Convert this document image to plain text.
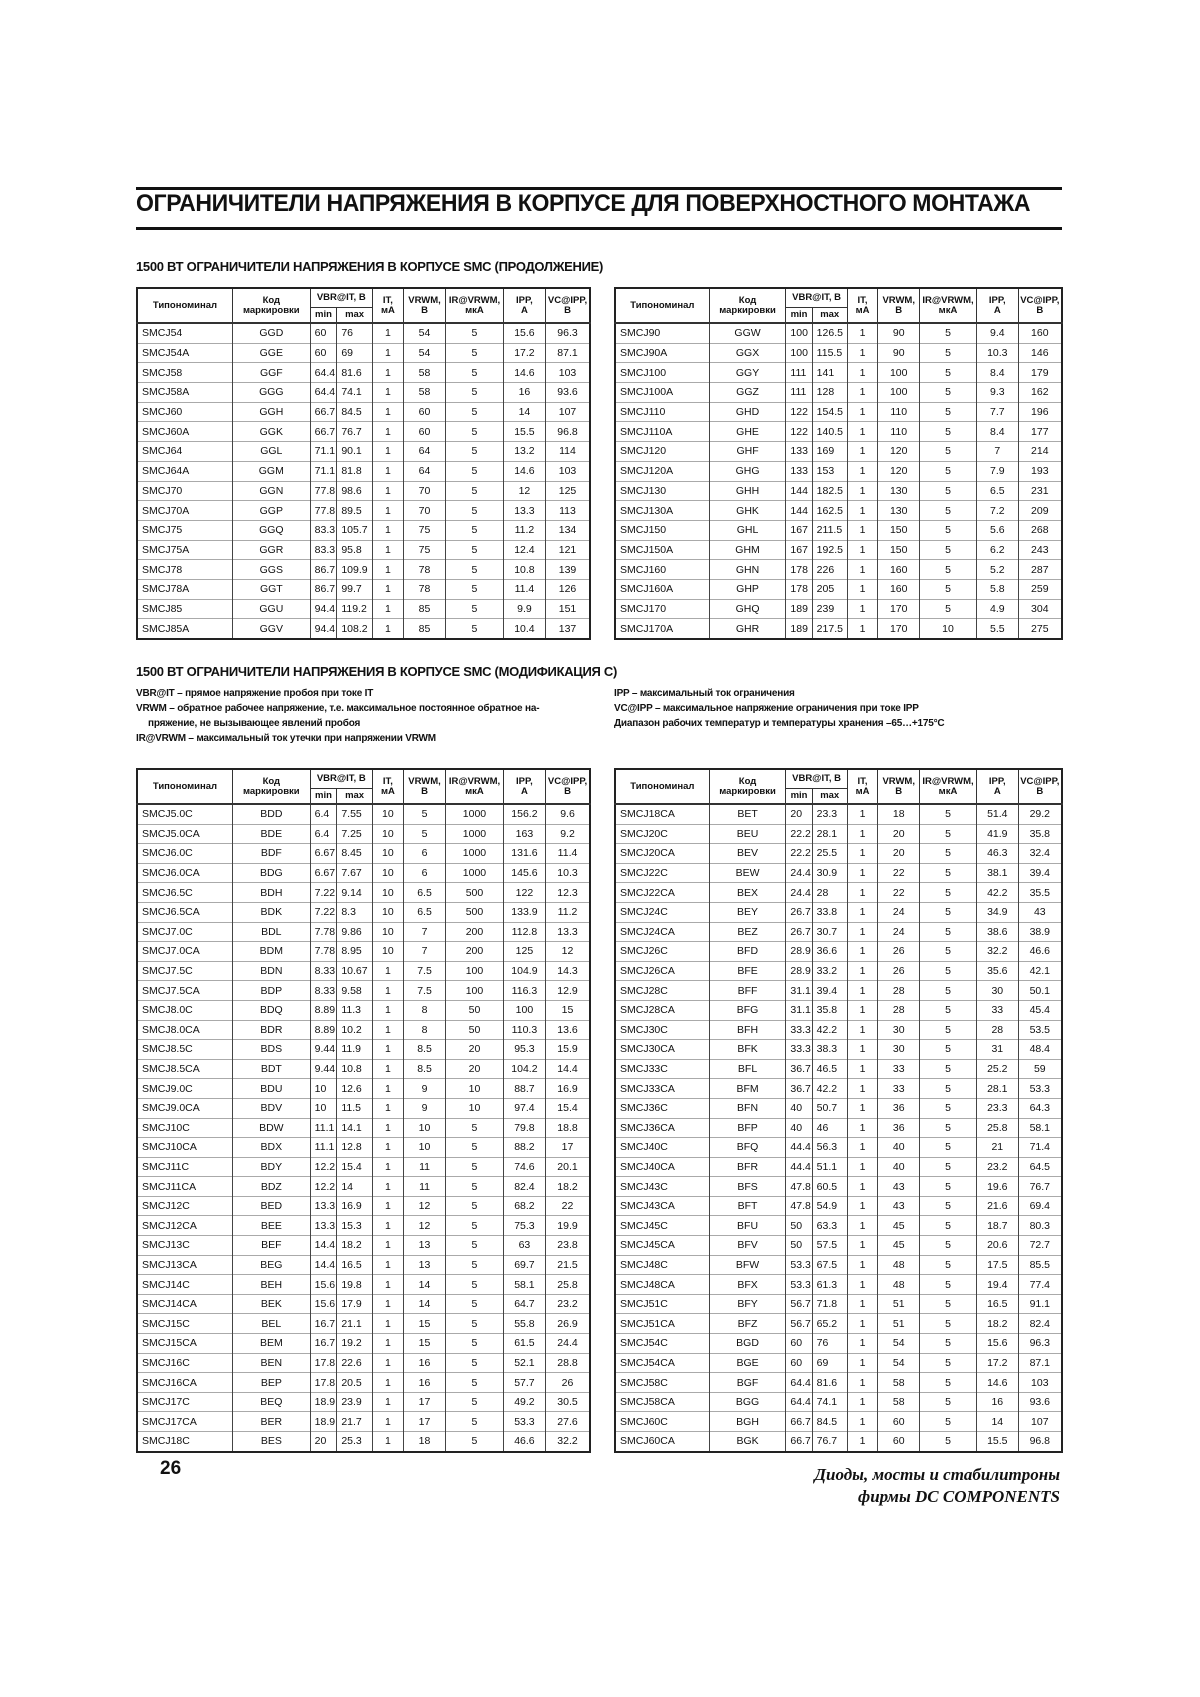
ОГРАНИЧИТЕЛИ НАПРЯЖЕНИЯ В КОРПУСЕ ДЛЯ ПОВЕРХНОСТНОГО МОНТАЖА
1500 ВТ ОГРАНИЧИТЕЛИ НАПРЯЖЕНИЯ В КОРПУСЕ SMC (ПРОДОЛЖЕНИЕ)
Типономинал	Код
маркировки	VBR@IT, В		IT,
мА	VRWM,
В	IR@VRWM,
мкА	IPP,
А	VC@IPP,
В
		min	max					
SMCJ54	GGD	60	76	1	54	5	15.6	96.3
SMCJ54A	GGE	60	69	1	54	5	17.2	87.1
SMCJ58	GGF	64.4	81.6	1	58	5	14.6	103
SMCJ58A	GGG	64.4	74.1	1	58	5	16	93.6
SMCJ60	GGH	66.7	84.5	1	60	5	14	107
SMCJ60A	GGK	66.7	76.7	1	60	5	15.5	96.8
SMCJ64	GGL	71.1	90.1	1	64	5	13.2	114
SMCJ64A	GGM	71.1	81.8	1	64	5	14.6	103
SMCJ70	GGN	77.8	98.6	1	70	5	12	125
SMCJ70A	GGP	77.8	89.5	1	70	5	13.3	113
SMCJ75	GGQ	83.3	105.7	1	75	5	11.2	134
SMCJ75A	GGR	83.3	95.8	1	75	5	12.4	121
SMCJ78	GGS	86.7	109.9	1	78	5	10.8	139
SMCJ78A	GGT	86.7	99.7	1	78	5	11.4	126
SMCJ85	GGU	94.4	119.2	1	85	5	9.9	151
SMCJ85A	GGV	94.4	108.2	1	85	5	10.4	137
Типономинал	Код
маркировки	VBR@IT, В		IT,
мА	VRWM,
В	IR@VRWM,
мкА	IPP,
А	VC@IPP,
В
		min	max					
SMCJ90	GGW	100	126.5	1	90	5	9.4	160
SMCJ90A	GGX	100	115.5	1	90	5	10.3	146
SMCJ100	GGY	111	141	1	100	5	8.4	179
SMCJ100A	GGZ	111	128	1	100	5	9.3	162
SMCJ110	GHD	122	154.5	1	110	5	7.7	196
SMCJ110A	GHE	122	140.5	1	110	5	8.4	177
SMCJ120	GHF	133	169	1	120	5	7	214
SMCJ120A	GHG	133	153	1	120	5	7.9	193
SMCJ130	GHH	144	182.5	1	130	5	6.5	231
SMCJ130A	GHK	144	162.5	1	130	5	7.2	209
SMCJ150	GHL	167	211.5	1	150	5	5.6	268
SMCJ150A	GHM	167	192.5	1	150	5	6.2	243
SMCJ160	GHN	178	226	1	160	5	5.2	287
SMCJ160A	GHP	178	205	1	160	5	5.8	259
SMCJ170	GHQ	189	239	1	170	5	4.9	304
SMCJ170A	GHR	189	217.5	1	170	10	5.5	275
1500 ВТ ОГРАНИЧИТЕЛИ НАПРЯЖЕНИЯ В КОРПУСЕ SMC (МОДИФИКАЦИЯ С)
VBR@IT – прямое напряжение пробоя при токе IT
VRWM – обратное рабочее напряжение, т.е. максимальное постоянное обратное на-
пряжение, не вызывающее явлений пробоя
IR@VRWM – максимальный ток утечки при напряжении VRWM
IPP – максимальный ток ограничения
VC@IPP – максимальное напряжение ограничения при токе IPP
Диапазон рабочих температур и температуры хранения –65…+175°С
Типономинал	Код
маркировки	VBR@IT, В		IT,
мА	VRWM,
В	IR@VRWM,
мкА	IPP,
А	VC@IPP,
В
		min	max					
SMCJ5.0C	BDD	6.4	7.55	10	5	1000	156.2	9.6
SMCJ5.0CA	BDE	6.4	7.25	10	5	1000	163	9.2
SMCJ6.0C	BDF	6.67	8.45	10	6	1000	131.6	11.4
SMCJ6.0CA	BDG	6.67	7.67	10	6	1000	145.6	10.3
SMCJ6.5C	BDH	7.22	9.14	10	6.5	500	122	12.3
SMCJ6.5CA	BDK	7.22	8.3	10	6.5	500	133.9	11.2
SMCJ7.0C	BDL	7.78	9.86	10	7	200	112.8	13.3
SMCJ7.0CA	BDM	7.78	8.95	10	7	200	125	12
SMCJ7.5C	BDN	8.33	10.67	1	7.5	100	104.9	14.3
SMCJ7.5CA	BDP	8.33	9.58	1	7.5	100	116.3	12.9
SMCJ8.0C	BDQ	8.89	11.3	1	8	50	100	15
SMCJ8.0CA	BDR	8.89	10.2	1	8	50	110.3	13.6
SMCJ8.5C	BDS	9.44	11.9	1	8.5	20	95.3	15.9
SMCJ8.5CA	BDT	9.44	10.8	1	8.5	20	104.2	14.4
SMCJ9.0C	BDU	10	12.6	1	9	10	88.7	16.9
SMCJ9.0CA	BDV	10	11.5	1	9	10	97.4	15.4
SMCJ10C	BDW	11.1	14.1	1	10	5	79.8	18.8
SMCJ10CA	BDX	11.1	12.8	1	10	5	88.2	17
SMCJ11C	BDY	12.2	15.4	1	11	5	74.6	20.1
SMCJ11CA	BDZ	12.2	14	1	11	5	82.4	18.2
SMCJ12C	BED	13.3	16.9	1	12	5	68.2	22
SMCJ12CA	BEE	13.3	15.3	1	12	5	75.3	19.9
SMCJ13C	BEF	14.4	18.2	1	13	5	63	23.8
SMCJ13CA	BEG	14.4	16.5	1	13	5	69.7	21.5
SMCJ14C	BEH	15.6	19.8	1	14	5	58.1	25.8
SMCJ14CA	BEK	15.6	17.9	1	14	5	64.7	23.2
SMCJ15C	BEL	16.7	21.1	1	15	5	55.8	26.9
SMCJ15CA	BEM	16.7	19.2	1	15	5	61.5	24.4
SMCJ16C	BEN	17.8	22.6	1	16	5	52.1	28.8
SMCJ16CA	BEP	17.8	20.5	1	16	5	57.7	26
SMCJ17C	BEQ	18.9	23.9	1	17	5	49.2	30.5
SMCJ17CA	BER	18.9	21.7	1	17	5	53.3	27.6
SMCJ18C	BES	20	25.3	1	18	5	46.6	32.2
Типономинал	Код
маркировки	VBR@IT, В		IT,
мА	VRWM,
В	IR@VRWM,
мкА	IPP,
А	VC@IPP,
В
		min	max					
SMCJ18CA	BET	20	23.3	1	18	5	51.4	29.2
SMCJ20C	BEU	22.2	28.1	1	20	5	41.9	35.8
SMCJ20CA	BEV	22.2	25.5	1	20	5	46.3	32.4
SMCJ22C	BEW	24.4	30.9	1	22	5	38.1	39.4
SMCJ22CA	BEX	24.4	28	1	22	5	42.2	35.5
SMCJ24C	BEY	26.7	33.8	1	24	5	34.9	43
SMCJ24CA	BEZ	26.7	30.7	1	24	5	38.6	38.9
SMCJ26C	BFD	28.9	36.6	1	26	5	32.2	46.6
SMCJ26CA	BFE	28.9	33.2	1	26	5	35.6	42.1
SMCJ28C	BFF	31.1	39.4	1	28	5	30	50.1
SMCJ28CA	BFG	31.1	35.8	1	28	5	33	45.4
SMCJ30C	BFH	33.3	42.2	1	30	5	28	53.5
SMCJ30CA	BFK	33.3	38.3	1	30	5	31	48.4
SMCJ33C	BFL	36.7	46.5	1	33	5	25.2	59
SMCJ33CA	BFM	36.7	42.2	1	33	5	28.1	53.3
SMCJ36C	BFN	40	50.7	1	36	5	23.3	64.3
SMCJ36CA	BFP	40	46	1	36	5	25.8	58.1
SMCJ40C	BFQ	44.4	56.3	1	40	5	21	71.4
SMCJ40CA	BFR	44.4	51.1	1	40	5	23.2	64.5
SMCJ43C	BFS	47.8	60.5	1	43	5	19.6	76.7
SMCJ43CA	BFT	47.8	54.9	1	43	5	21.6	69.4
SMCJ45C	BFU	50	63.3	1	45	5	18.7	80.3
SMCJ45CA	BFV	50	57.5	1	45	5	20.6	72.7
SMCJ48C	BFW	53.3	67.5	1	48	5	17.5	85.5
SMCJ48CA	BFX	53.3	61.3	1	48	5	19.4	77.4
SMCJ51C	BFY	56.7	71.8	1	51	5	16.5	91.1
SMCJ51CA	BFZ	56.7	65.2	1	51	5	18.2	82.4
SMCJ54C	BGD	60	76	1	54	5	15.6	96.3
SMCJ54CA	BGE	60	69	1	54	5	17.2	87.1
SMCJ58C	BGF	64.4	81.6	1	58	5	14.6	103
SMCJ58CA	BGG	64.4	74.1	1	58	5	16	93.6
SMCJ60C	BGH	66.7	84.5	1	60	5	14	107
SMCJ60CA	BGK	66.7	76.7	1	60	5	15.5	96.8
26	Диоды, мосты и стабилитроны
фирмы DC COMPONENTS
